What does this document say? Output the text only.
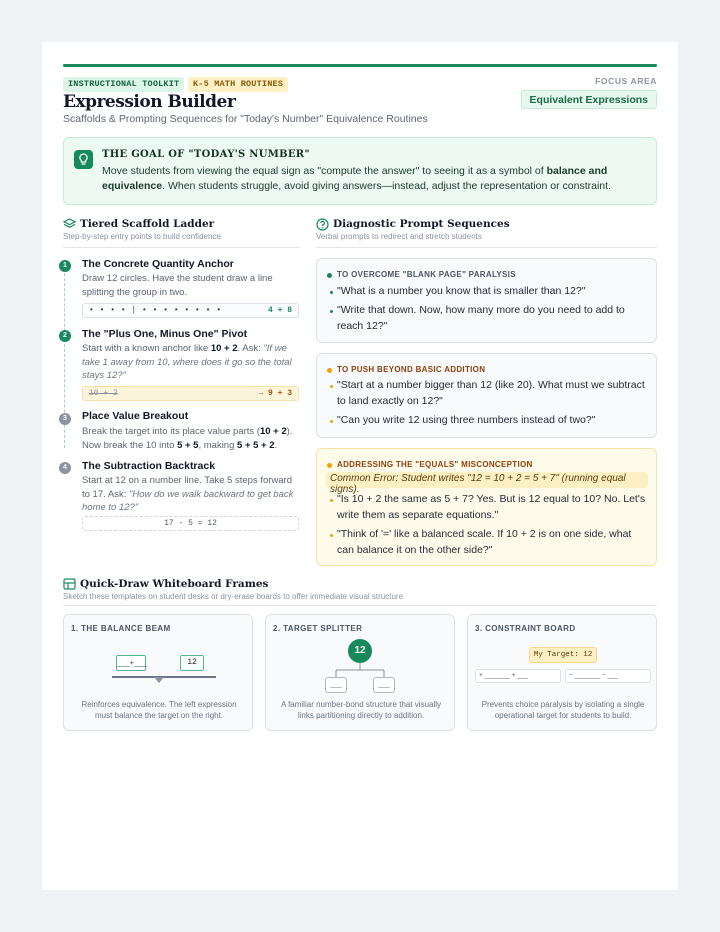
INSTRUCTIONAL TOOLKIT	K-5 MATH ROUTINES
Expression Builder
Scaffolds & Prompting Sequences for "Today's Number" Equivalence Routines
FOCUS AREA
Equivalent Expressions
THE GOAL OF "TODAY'S NUMBER"
Move students from viewing the equal sign as "compute the answer" to seeing it as a symbol of balance and equivalence. When students struggle, avoid giving answers—instead, adjust the representation or constraint.
Tiered Scaffold Ladder
Step-by-step entry points to build confidence
1	The Concrete Quantity Anchor
Draw 12 circles. Have the student draw a line splitting the group in two.
• • • • | • • • • • • • •	4 + 8
2	The "Plus One, Minus One" Pivot
Start with a known anchor like 10 + 2. Ask: "If we take 1 away from 10, where does it go so the total stays 12?"
10 + 2	→ 9 + 3
3	Place Value Breakout
Break the target into its place value parts (10 + 2). Now break the 10 into 5 + 5, making 5 + 5 + 2.
4	The Subtraction Backtrack
Start at 12 on a number line. Take 5 steps forward to 17. Ask: "How do we walk backward to get back home to 12?"
17 - 5 = 12
Diagnostic Prompt Sequences
Verbal prompts to redirect and stretch students
TO OVERCOME "BLANK PAGE" PARALYSIS
"What is a number you know that is smaller than 12?"
"Write that down. Now, how many more do you need to add to reach 12?"
TO PUSH BEYOND BASIC ADDITION
"Start at a number bigger than 12 (like 20). What must we subtract to land exactly on 12?"
"Can you write 12 using three numbers instead of two?"
ADDRESSING THE "EQUALS" MISCONCEPTION
Common Error: Student writes "12 = 10 + 2 = 5 + 7" (running equal signs).
"Is 10 + 2 the same as 5 + 7? Yes. But is 12 equal to 10? No. Let's write them as separate equations."
"Think of '=' like a balanced scale. If 10 + 2 is on one side, what can balance it on the other side?"
Quick-Draw Whiteboard Frames
Sketch these templates on student desks or dry-erase boards to offer immediate visual structure
1. THE BALANCE BEAM
___+___	12
Reinforces equivalence. The left expression must balance the target on the right.
2. TARGET SPLITTER
12
___	___
A familiar number-bond structure that visually links partitioning directly to addition.
3. CONSTRAINT BOARD
My Target: 12
+ _______ + ___	− _______ − ___
Prevents choice paralysis by isolating a single operational target for students to build.
